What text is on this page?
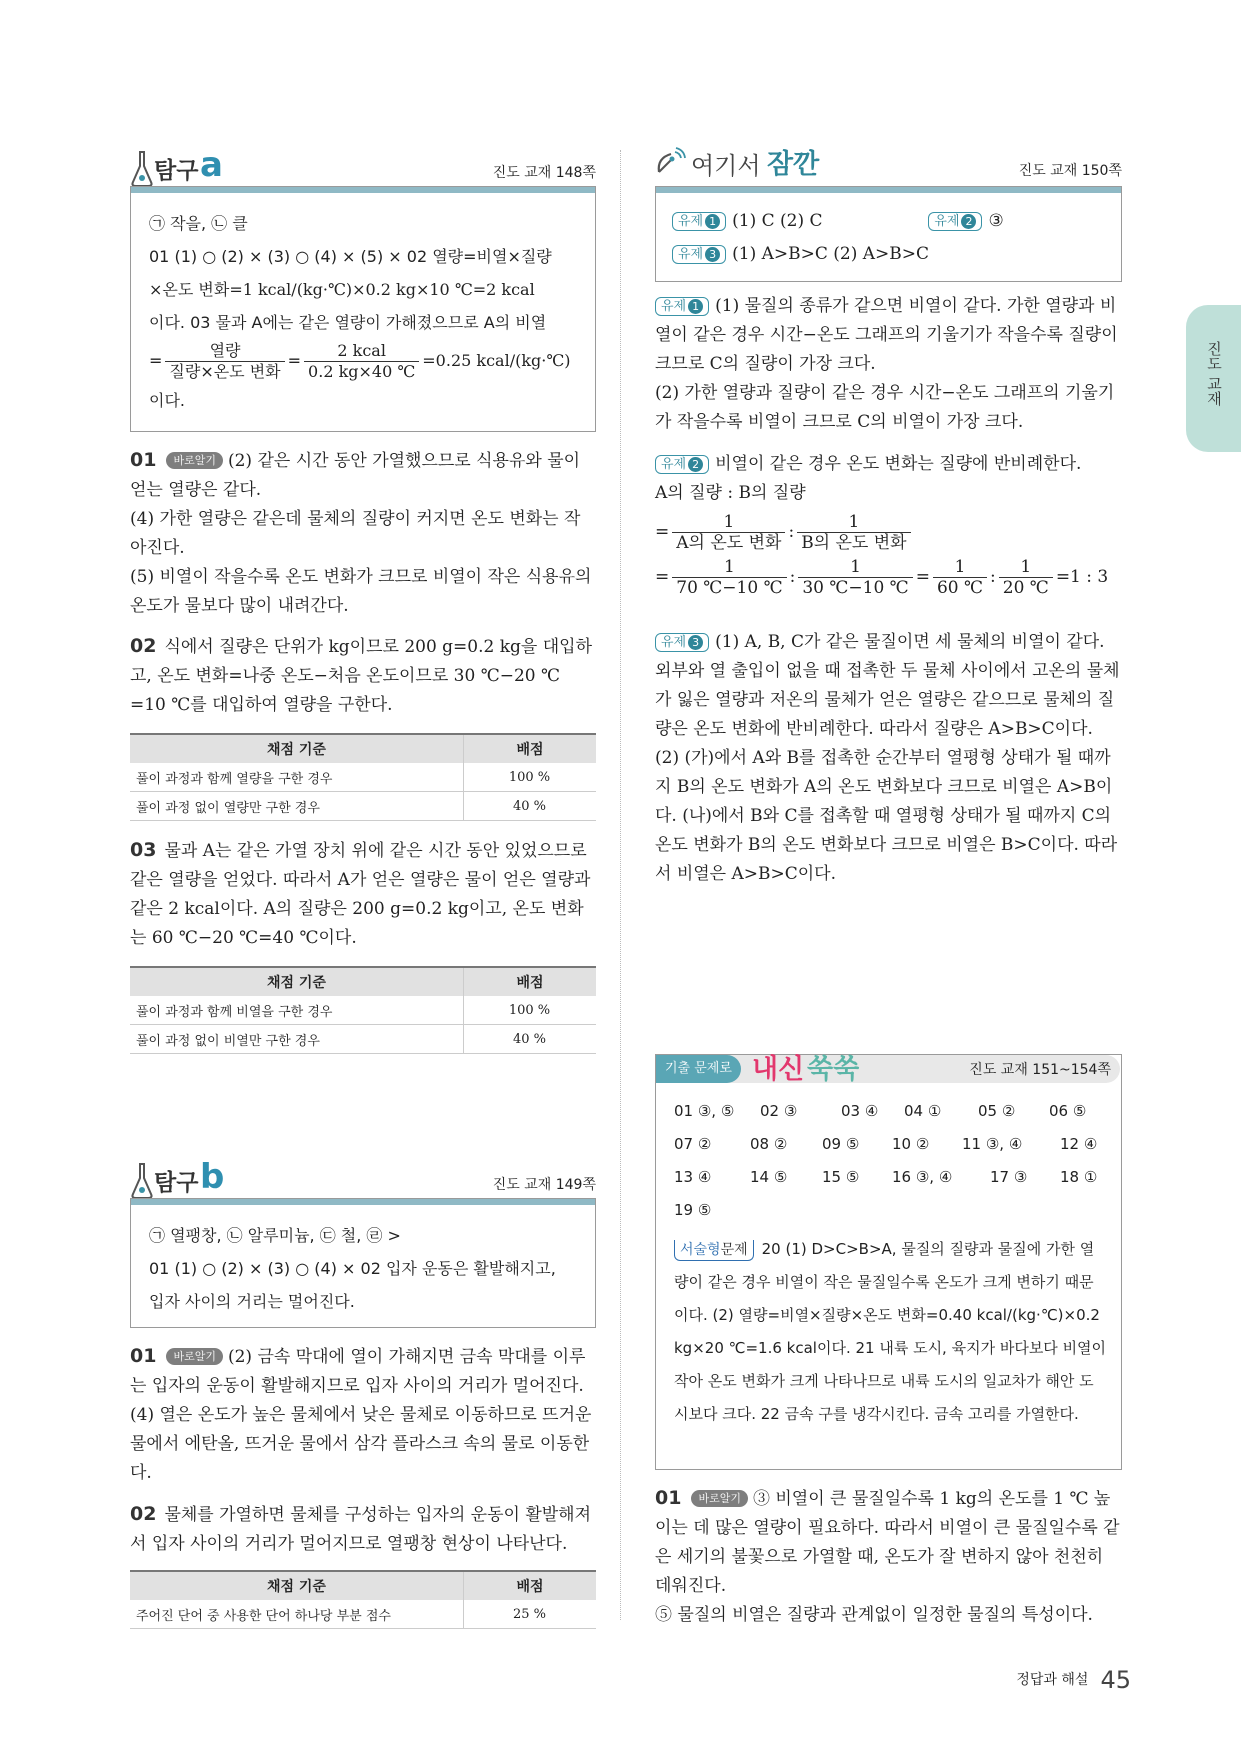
탐구 a	진도 교재 148쪽
㉠ 작을, ㉡ 클
01 (1) ○ (2) × (3) ○ (4) × (5) × 02 열량=비열×질량
×온도 변화=1 kcal/(kg·℃)×0.2 kg×10 ℃=2 kcal
이다. 03 물과 A에는 같은 열량이 가해졌으므로 A의 비열
= $\frac{\text{열량}}{\text{질량×온도 변화}} = \frac{\text{2 kcal}}{0.2 kg\times 40 ℃} =0.25$ kcal/(kg·℃)
이다.
01 바로알기 (2) 같은 시간 동안 가열했으므로 식용유와 물이 얻는 열량은 같다.
(4) 가한 열량은 같은데 물체의 질량이 커지면 온도 변화는 작아진다.
(5) 비열이 작을수록 온도 변화가 크므로 비열이 작은 식용유의 온도가 물보다 많이 내려간다.
02 식에서 질량은 단위가 kg이므로 200 g=0.2 kg을 대입하고, 온도 변화=나중 온도−처음 온도이므로 30 ℃−20 ℃ =10 ℃를 대입하여 열량을 구한다.
채점 기준	배점
풀이 과정과 함께 열량을 구한 경우	100 %
풀이 과정 없이 열량만 구한 경우	40 %
03 물과 A는 같은 가열 장치 위에 같은 시간 동안 있었으므로 같은 열량을 얻었다. 따라서 A가 얻은 열량은 물이 얻은 열량과 같은 2 kcal이다. A의 질량은 200 g=0.2 kg이고, 온도 변화는 60 ℃−20 ℃=40 ℃이다.
채점 기준	배점
풀이 과정과 함께 비열을 구한 경우	100 %
풀이 과정 없이 비열만 구한 경우	40 %
탐구 b	진도 교재 149쪽
㉠ 열팽창, ㉡ 알루미늄, ㉢ 철, ㉣ >
01 (1) ○ (2) × (3) ○ (4) × 02 입자 운동은 활발해지고,
입자 사이의 거리는 멀어진다.
01 바로알기 (2) 금속 막대에 열이 가해지면 금속 막대를 이루는 입자의 운동이 활발해지므로 입자 사이의 거리가 멀어진다.
(4) 열은 온도가 높은 물체에서 낮은 물체로 이동하므로 뜨거운 물에서 에탄올, 뜨거운 물에서 삼각 플라스크 속의 물로 이동한다.
02 물체를 가열하면 물체를 구성하는 입자의 운동이 활발해져서 입자 사이의 거리가 멀어지므로 열팽창 현상이 나타난다.
채점 기준	배점
주어진 단어 중 사용한 단어 하나당 부분 점수	25 %
여기서 잠깐	진도 교재 150쪽
유제 1 (1) C (2) C	유제 2 ③
유제 3 (1) A>B>C (2) A>B>C
유제 1 (1) 물질의 종류가 같으면 비열이 같다. 가한 열량과 비열이 같은 경우 시간−온도 그래프의 기울기가 작을수록 질량이 크므로 C의 질량이 가장 크다.
(2) 가한 열량과 질량이 같은 경우 시간−온도 그래프의 기울기가 작을수록 비열이 크므로 C의 비열이 가장 크다.
유제 2 비열이 같은 경우 온도 변화는 질량에 반비례한다.
A의 질량 : B의 질량
= $\frac{1}{\text{A의 온도 변화}}$ : $\frac{1}{\text{B의 온도 변화}}$
= $\frac{1}{70 ℃-10 ℃}$ : $\frac{1}{30 ℃-10 ℃} = \frac{1}{60 ℃}$ : $\frac{1}{20 ℃} =1$ : 3
유제 3 (1) A, B, C가 같은 물질이면 세 물체의 비열이 같다. 외부와 열 출입이 없을 때 접촉한 두 물체 사이에서 고온의 물체가 잃은 열량과 저온의 물체가 얻은 열량은 같으므로 물체의 질량은 온도 변화에 반비례한다. 따라서 질량은 A>B>C이다.
(2) (가)에서 A와 B를 접촉한 순간부터 열평형 상태가 될 때까지 B의 온도 변화가 A의 온도 변화보다 크므로 비열은 A>B이다. (나)에서 B와 C를 접촉할 때 열평형 상태가 될 때까지 C의 온도 변화가 B의 온도 변화보다 크므로 비열은 B>C이다. 따라서 비열은 A>B>C이다.
기출 문제로 내신 쑥쑥	진도 교재 151~154쪽
01 ③, ⑤ 02 ③	03 ④ 04 ① 05 ② 06 ⑤
07 ②	08 ② 09 ⑤ 10 ② 11 ③, ④	12 ④
13 ④	14 ⑤ 15 ⑤ 16 ③, ④	17 ③ 18 ①
19 ⑤
서술형문제 20 (1) D>C>B>A, 물질의 질량과 물질에 가한 열량이 같은 경우 비열이 작은 물질일수록 온도가 크게 변하기 때문이다. (2) 열량=비열×질량×온도 변화=0.40 kcal/(kg·℃)×0.2 kg×20 ℃=1.6 kcal이다. 21 내륙 도시, 육지가 바다보다 비열이 작아 온도 변화가 크게 나타나므로 내륙 도시의 일교차가 해안 도시보다 크다. 22 금속 구를 냉각시킨다. 금속 고리를 가열한다.
01 바로알기 ③ 비열이 큰 물질일수록 1 kg의 온도를 1 ℃ 높이는 데 많은 열량이 필요하다. 따라서 비열이 큰 물질일수록 같은 세기의 불꽃으로 가열할 때, 온도가 잘 변하지 않아 천천히 데워진다.
⑤ 물질의 비열은 질량과 관계없이 일정한 물질의 특성이다.
진도 교재
정답과 해설 45
